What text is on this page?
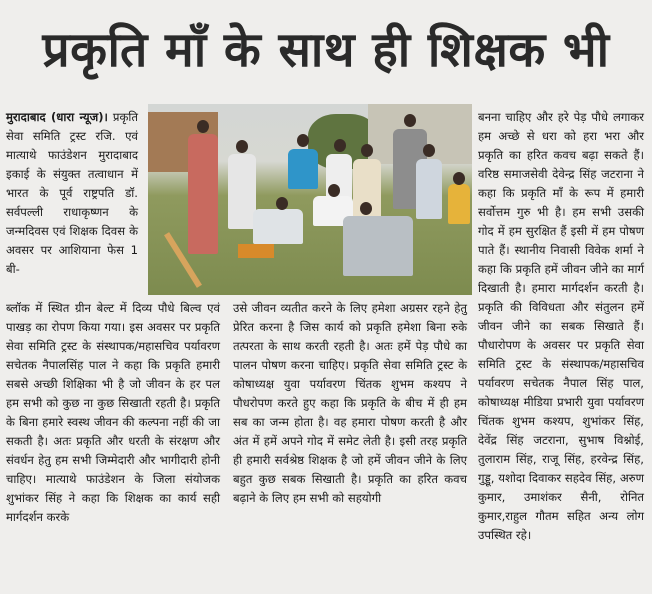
प्रकृति माँ के साथ ही शिक्षक भी

मुरादाबाद (धारा न्यूज)। प्रकृति सेवा समिति ट्रस्ट रजि. एवं मात्याथे फाउंडेशन मुरादाबाद इकाई के संयुक्त तत्वाधान में भारत के पूर्व राष्ट्रपति डॉ. सर्वपल्ली राधाकृष्णन के जन्मदिवस एवं शिक्षक दिवस के अवसर पर आशियाना फेस 1 बी-

ब्लॉक में स्थित ग्रीन बेल्ट में दिव्य पौधे बिल्व एवं पाखड़ का रोपण किया गया। इस अवसर पर प्रकृति सेवा समिति ट्रस्ट के संस्थापक/महासचिव पर्यावरण सचेतक नैपालसिंह पाल ने कहा कि प्रकृति हमारी सबसे अच्छी शिक्षिका भी है जो जीवन के हर पल हम सभी को कुछ ना कुछ सिखाती रहती है। प्रकृति के बिना हमारे स्वस्थ जीवन की कल्पना नहीं की जा सकती है। अतः प्रकृति और धरती के संरक्षण और संवर्धन हेतु हम सभी जिम्मेदारी और भागीदारी होनी चाहिए। मात्याथे फाउंडेशन के जिला संयोजक शुभांकर सिंह ने कहा कि शिक्षक का कार्य सही मार्गदर्शन करके

उसे जीवन व्यतीत करने के लिए हमेशा अग्रसर रहने हेतु प्रेरित करना है जिस कार्य को प्रकृति हमेशा बिना रुके तत्परता के साथ करती रहती है। अतः हमें पेड़ पौधे का पालन पोषण करना चाहिए। प्रकृति सेवा समिति ट्रस्ट के कोषाध्यक्ष युवा पर्यावरण चिंतक शुभम कश्यप ने पौधरोपण करते हुए कहा कि प्रकृति के बीच में ही हम सब का जन्म होता है। वह हमारा पोषण करती है और अंत में हमें अपने गोद में समेट लेती है। इसी तरह प्रकृति ही हमारी सर्वश्रेष्ठ शिक्षक है जो हमें जीवन जीने के लिए बहुत कुछ सबक सिखाती है। प्रकृति का हरित कवच बढ़ाने के लिए हम सभी को सहयोगी

बनना चाहिए और हरे पेड़ पौधे लगाकर हम अच्छे से धरा को हरा भरा और प्रकृति का हरित कवच बढ़ा सकते हैं। वरिष्ठ समाजसेवी देवेन्द्र सिंह जटराना ने कहा कि प्रकृति माँ के रूप में हमारी सर्वोत्तम गुरु भी है। हम सभी उसकी गोद में हम सुरक्षित हैं इसी में हम पोषण पाते हैं। स्थानीय निवासी विवेक शर्मा ने कहा कि प्रकृति हमें जीवन जीने का मार्ग दिखाती है। हमारा मार्गदर्शन करती है। प्रकृति की विविधता और संतुलन हमें जीवन जीने का सबक सिखाते हैं। पौधारोपण के अवसर पर प्रकृति सेवा समिति ट्रस्ट के संस्थापक/महासचिव पर्यावरण सचेतक नैपाल सिंह पाल, कोषाध्यक्ष मीडिया प्रभारी युवा पर्यावरण चिंतक शुभम कश्यप, शुभांकर सिंह, देवेंद्र सिंह जटराना, सुभाष विश्नोई, तुलाराम सिंह, राजू सिंह, हरवेन्द्र सिंह, गुड्डू, यशोदा दिवाकर सहदेव सिंह, अरुण कुमार, उमाशंकर सैनी, रोनित कुमार,राहुल गौतम सहित अन्य लोग उपस्थित रहे।
